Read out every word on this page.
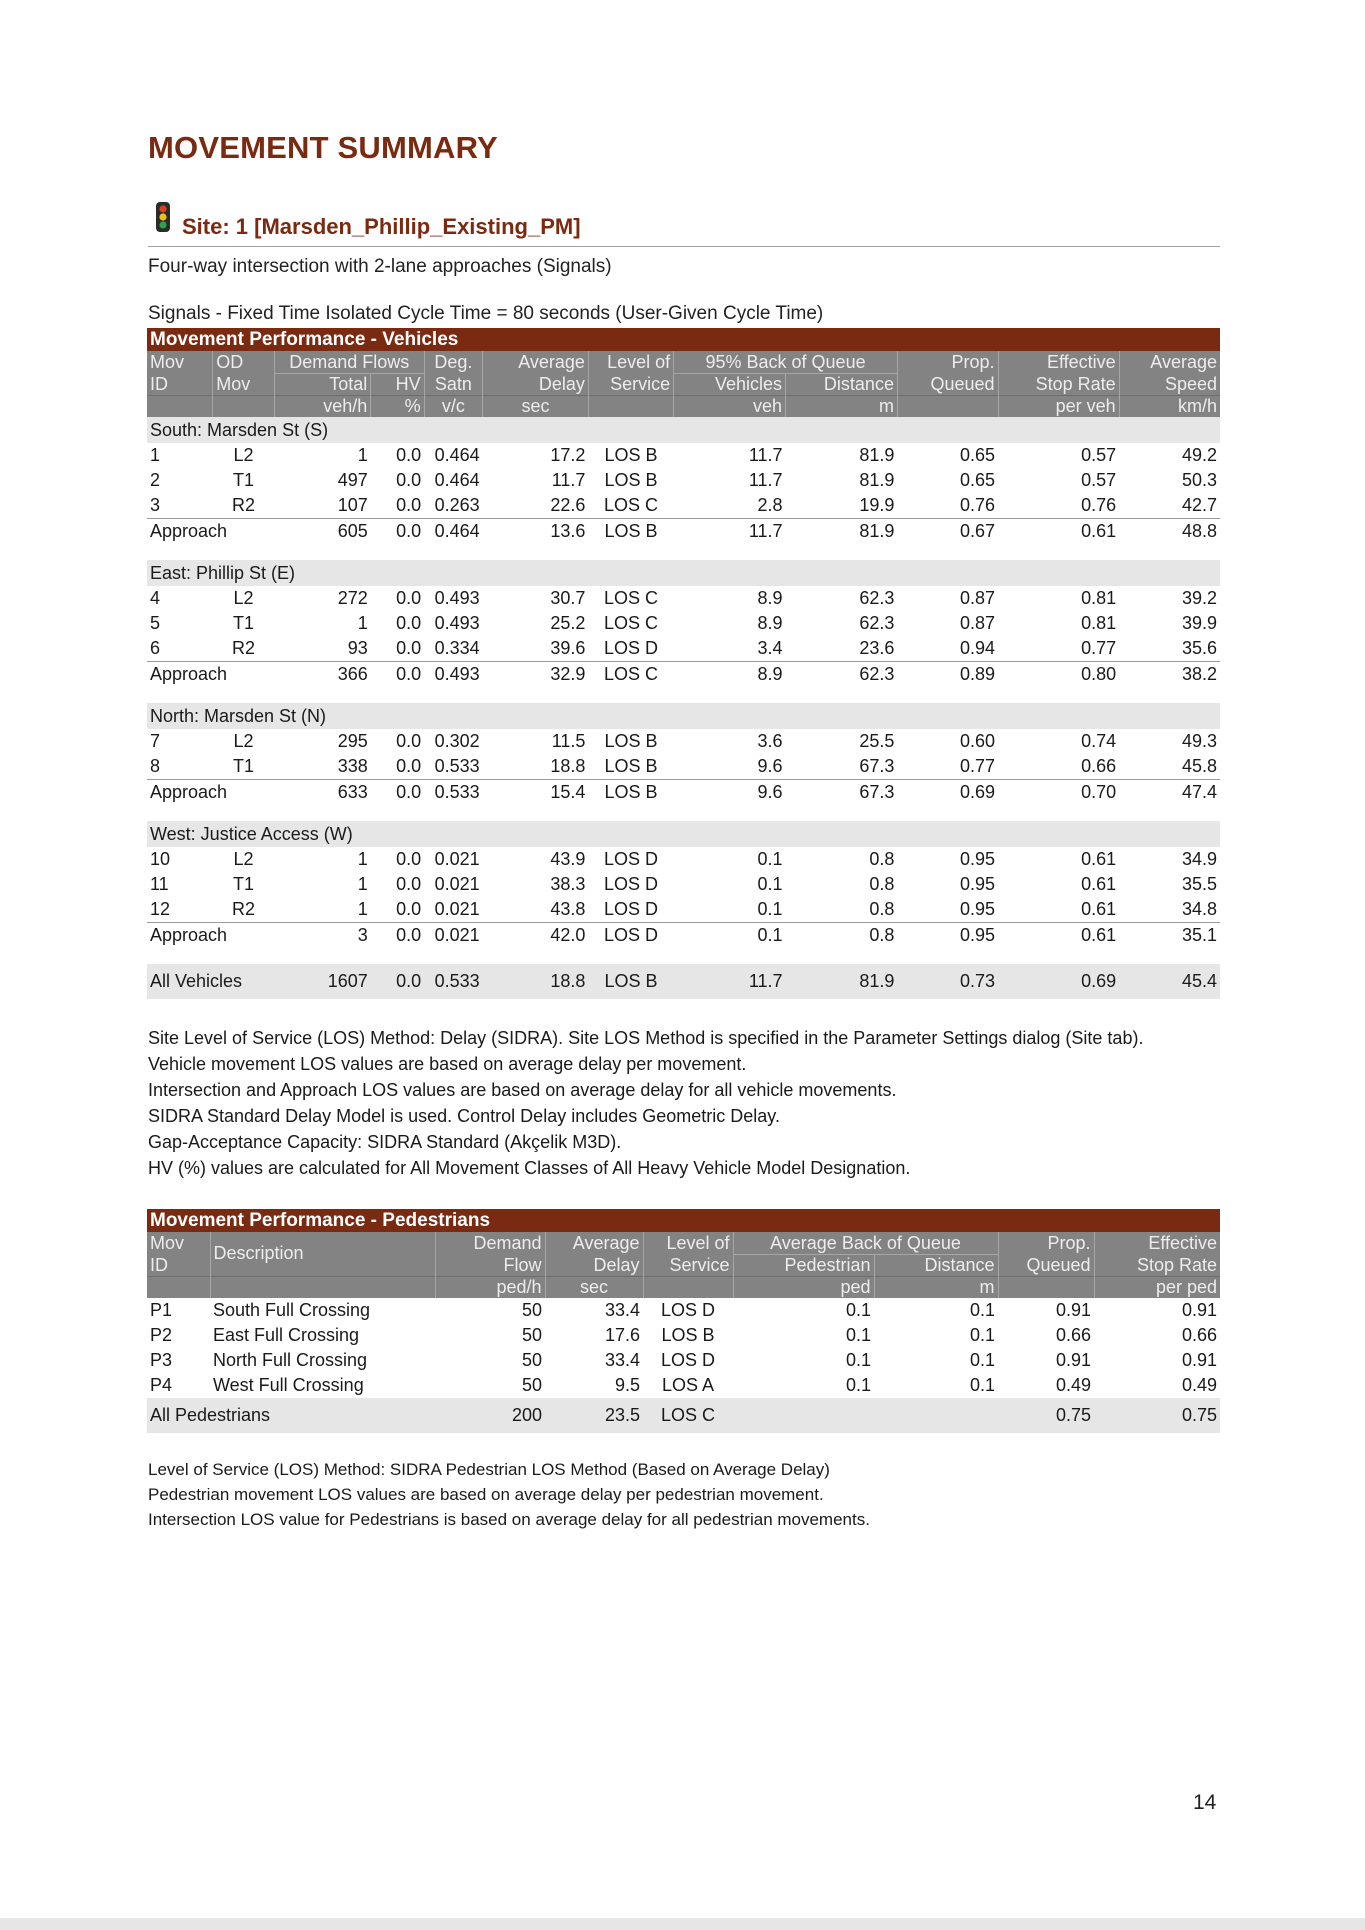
MOVEMENT SUMMARY
Site: 1 [Marsden_Phillip_Existing_PM]
Four-way intersection with 2-lane approaches (Signals)
Signals - Fixed Time Isolated Cycle Time = 80 seconds (User-Given Cycle Time)
Movement Performance - Vehicles											
Mov	OD	Demand Flows		Deg.	Average	Level of	95% Back of Queue		Prop.	Effective	Average
ID	Mov	Total	HV	Satn	Delay	Service	Vehicles	Distance	Queued	Stop Rate	Speed
		veh/h	%	v/c	sec		veh	m		per veh	km/h
South: Marsden St (S)											
1	L2	1	0.0	0.464	17.2	LOS B	11.7	81.9	0.65	0.57	49.2
2	T1	497	0.0	0.464	11.7	LOS B	11.7	81.9	0.65	0.57	50.3
3	R2	107	0.0	0.263	22.6	LOS C	2.8	19.9	0.76	0.76	42.7
Approach		605	0.0	0.464	13.6	LOS B	11.7	81.9	0.67	0.61	48.8

East: Phillip St (E)											
4	L2	272	0.0	0.493	30.7	LOS C	8.9	62.3	0.87	0.81	39.2
5	T1	1	0.0	0.493	25.2	LOS C	8.9	62.3	0.87	0.81	39.9
6	R2	93	0.0	0.334	39.6	LOS D	3.4	23.6	0.94	0.77	35.6
Approach		366	0.0	0.493	32.9	LOS C	8.9	62.3	0.89	0.80	38.2

North: Marsden St (N)											
7	L2	295	0.0	0.302	11.5	LOS B	3.6	25.5	0.60	0.74	49.3
8	T1	338	0.0	0.533	18.8	LOS B	9.6	67.3	0.77	0.66	45.8
Approach		633	0.0	0.533	15.4	LOS B	9.6	67.3	0.69	0.70	47.4

West: Justice Access (W)											
10	L2	1	0.0	0.021	43.9	LOS D	0.1	0.8	0.95	0.61	34.9
11	T1	1	0.0	0.021	38.3	LOS D	0.1	0.8	0.95	0.61	35.5
12	R2	1	0.0	0.021	43.8	LOS D	0.1	0.8	0.95	0.61	34.8
Approach		3	0.0	0.021	42.0	LOS D	0.1	0.8	0.95	0.61	35.1

All Vehicles		1607	0.0	0.533	18.8	LOS B	11.7	81.9	0.73	0.69	45.4

Site Level of Service (LOS) Method: Delay (SIDRA). Site LOS Method is specified in the Parameter Settings dialog (Site tab).

Vehicle movement LOS values are based on average delay per movement.

Intersection and Approach LOS values are based on average delay for all vehicle movements.

SIDRA Standard Delay Model is used. Control Delay includes Geometric Delay.

Gap-Acceptance Capacity: SIDRA Standard (Akçelik M3D).

HV (%) values are calculated for All Movement Classes of All Heavy Vehicle Model Designation.

Movement Performance - Pedestrians								
Mov	Description	Demand	Average	Level of	Average Back of Queue		Prop.	Effective
ID		Flow	Delay	Service	Pedestrian	Distance	Queued	Stop Rate
		ped/h	sec		ped	m		per ped
P1	South Full Crossing	50	33.4	LOS D	0.1	0.1	0.91	0.91
P2	East Full Crossing	50	17.6	LOS B	0.1	0.1	0.66	0.66
P3	North Full Crossing	50	33.4	LOS D	0.1	0.1	0.91	0.91
P4	West Full Crossing	50	9.5	LOS A	0.1	0.1	0.49	0.49
All Pedestrians		200	23.5	LOS C			0.75	0.75

Level of Service (LOS) Method: SIDRA Pedestrian LOS Method (Based on Average Delay)

Pedestrian movement LOS values are based on average delay per pedestrian movement.

Intersection LOS value for Pedestrians is based on average delay for all pedestrian movements.

14
